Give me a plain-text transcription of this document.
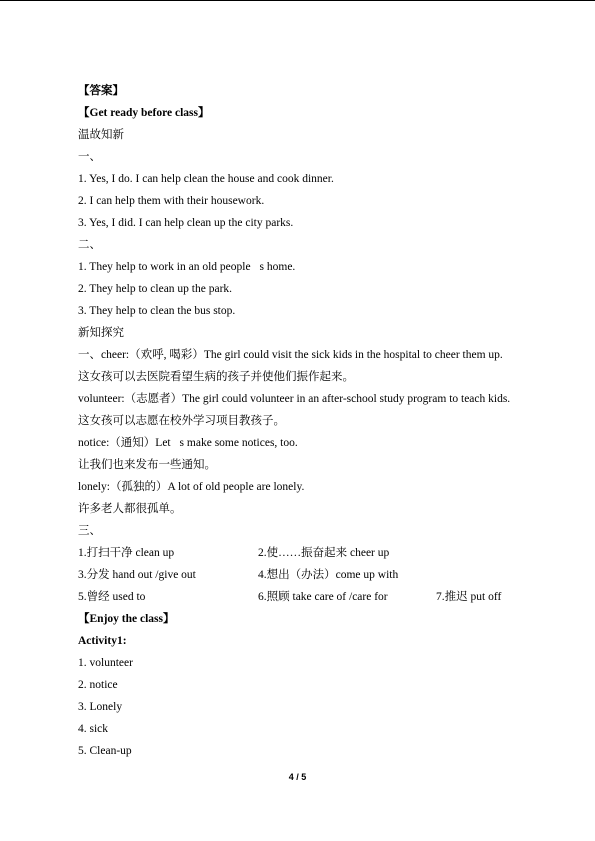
【答案】
【Get ready before class】
温故知新
一、
1. Yes, I do. I can help clean the house and cook dinner.
2. I can help them with their housework.
3. Yes, I did. I can help clean up the city parks.
二、
1. They help to work in an old people s home.
2. They help to clean up the park.
3. They help to clean the bus stop.
新知探究
一、cheer:（欢呼, 喝彩）The girl could visit the sick kids in the hospital to cheer them up.
这女孩可以去医院看望生病的孩子并使他们振作起来。
volunteer:（志愿者）The girl could volunteer in an after-school study program to teach kids.
这女孩可以志愿在校外学习项目教孩子。
notice:（通知）Let s make some notices, too.
让我们也来发布一些通知。
lonely:（孤独的）A lot of old people are lonely.
许多老人都很孤单。
三、
1.打扫干净 clean up	2.使……振奋起来 cheer up
3.分发 hand out /give out	4.想出（办法）come up with
5.曾经 used to	6.照顾 take care of /care for	7.推迟 put off
【Enjoy the class】
Activity1:
1. volunteer
2. notice
3. Lonely
4. sick
5. Clean-up
4 / 5
